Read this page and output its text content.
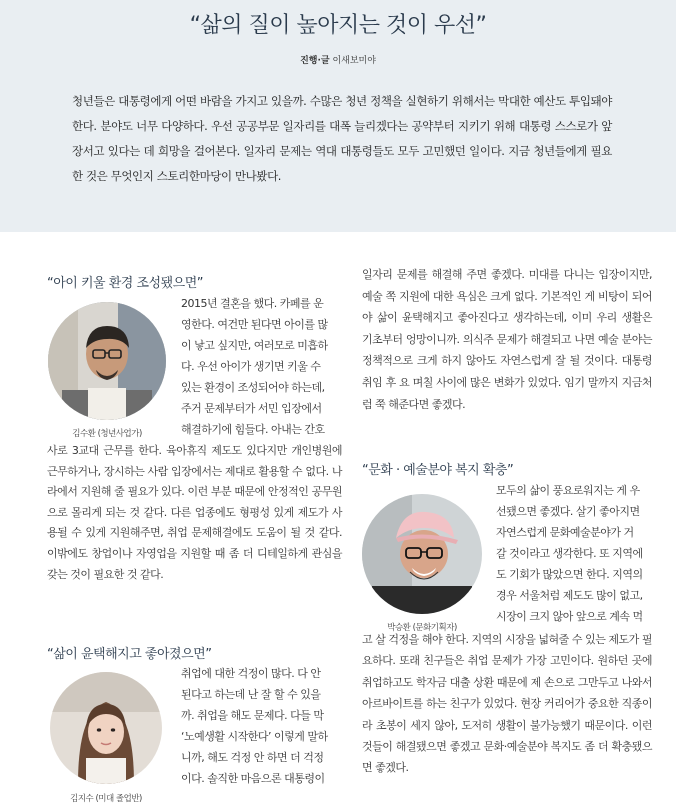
“삶의 질이 높아지는 것이 우선”
진행·글 이새보미야
청년들은 대통령에게 어떤 바람을 가지고 있을까. 수많은 청년 정책을 실현하기 위해서는 막대한 예산도 투입돼야 한다. 분야도 너무 다양하다. 우선 공공부문 일자리를 대폭 늘리겠다는 공약부터 지키기 위해 대통령 스스로가 앞장서고 있다는 데 희망을 걸어본다. 일자리 문제는 역대 대통령들도 모두 고민했던 일이다. 지금 청년들에게 필요한 것은 무엇인지 스토리한마당이 만나봤다.
“아이 키울 환경 조성됐으면”
김수환 (청년사업가)
2015년 결혼을 했다. 카페를 운
영한다. 여건만 된다면 아이를 많
이 낳고 싶지만, 여러모로 미흡하
다. 우선 아이가 생기면 키울 수
있는 환경이 조성되어야 하는데,
주거 문제부터가 서민 입장에서
해결하기에 힘들다. 아내는 간호
사로 3교대 근무를 한다. 육아휴직 제도도 있다지만 개인병원에 근무하거나, 장시하는 사람 입장에서는 제대로 활용할 수 없다. 나라에서 지원해 줄 필요가 있다. 이런 부분 때문에 안정적인 공무원으로 몰리게 되는 것 같다. 다른 업종에도 형평성 있게 제도가 사용될 수 있게 지원해주면, 취업 문제해결에도 도움이 될 것 같다. 이밖에도 창업이나 자영업을 지원할 때 좀 더 디테일하게 관심을 갖는 것이 필요한 것 같다.
“삶이 윤택해지고 좋아졌으면”
김지수 (미대 졸업반)
취업에 대한 걱정이 많다. 다 안
된다고 하는데 난 잘 할 수 있을
까. 취업을 해도 문제다. 다들 막
‘노예생활 시작한다’ 이렇게 말하
니까, 해도 걱정 안 하면 더 걱정
이다. 솔직한 마음으론 대통령이
일자리 문제를 해결해 주면 좋겠다. 미대를 다니는 입장이지만, 예술 쪽 지원에 대한 욕심은 크게 없다. 기본적인 게 비탕이 되어야 삶이 윤택해지고 좋아진다고 생각하는데, 이미 우리 생활은 기초부터 엉망이니까. 의식주 문제가 해결되고 나면 예술 분야는 정책적으로 크게 하지 않아도 자연스럽게 잘 될 것이다. 대통령 취임 후 요 며칠 사이에 많은 변화가 있었다. 임기 말까지 지금처럼 쭉 해준다면 좋겠다.
“문화 · 예술분야 복지 확충”
박승환 (문화기획자)
모두의 삶이 풍요로워지는 게 우
선됐으면 좋겠다. 살기 좋아지면
자연스럽게 문화예술분야가 거
갈 것이라고 생각한다. 또 지역에
도 기회가 많았으면 한다. 지역의
경우 서울처럼 제도도 많이 없고,
시장이 크지 않아 앞으로 계속 먹
고 살 걱정을 해야 한다. 지역의 시장을 넓혀줄 수 있는 제도가 필요하다. 또래 친구들은 취업 문제가 가장 고민이다. 원하던 곳에 취업하고도 학자금 대출 상환 때문에 제 손으로 그만두고 나와서 아르바이트를 하는 친구가 있었다. 현장 커리어가 중요한 직종이라 초봉이 세지 않아, 도저히 생활이 불가능했기 때문이다. 이런 것들이 해결됐으면 좋겠고 문화·예술분야 복지도 좀 더 확충됐으면 좋겠다.
